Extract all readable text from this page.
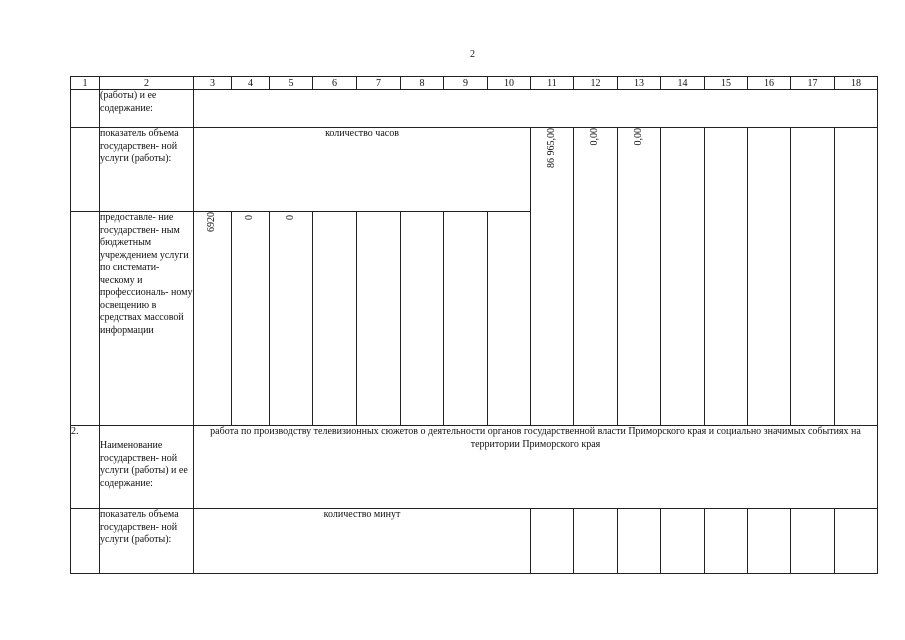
2
1	2	3	4	5	6	7	8	9	10	11	12	13	14	15	16	17	18
	(работы) и ее содержание:																
	показатель объема государствен- ной услуги (работы):	количество часов								86 965,00	0,00	0,00					
	предоставле- ние государствен- ным бюджетным учреждением услуги по системати- ческому и профессиональ- ному освещению в средствах массовой информации	6920	0	0													
2.	Наименование государствен- ной услуги (работы) и ее содержание:	работа по производству телевизионных сюжетов о деятельности органов государственной власти Приморского края и социально значимых событиях на территории Приморского края															
	показатель объема государствен- ной услуги (работы):	количество минут															
